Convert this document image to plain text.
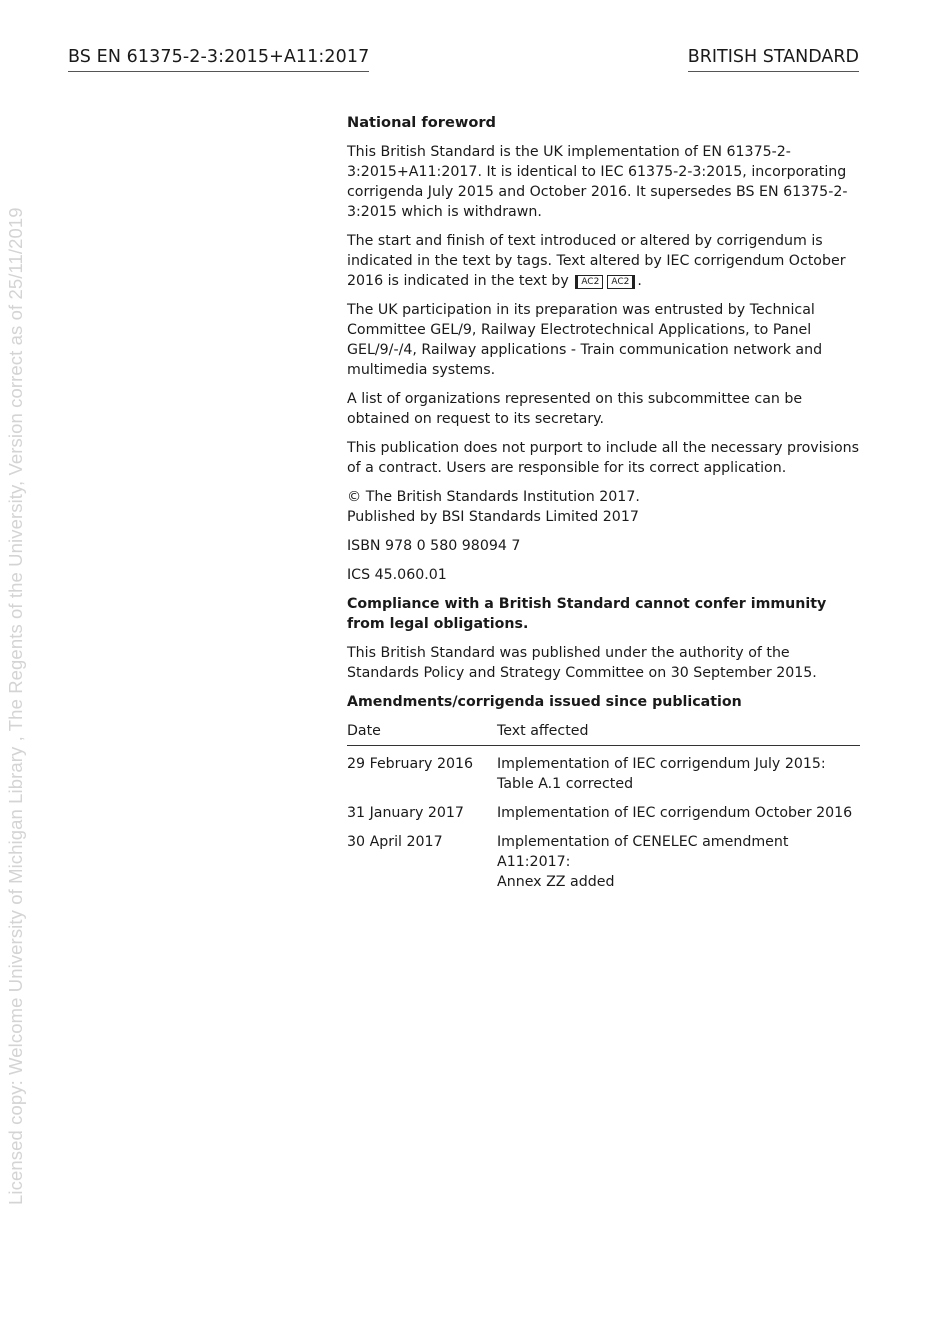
BS EN 61375-2-3:2015+A11:2017	BRITISH STANDARD
Licensed copy: Welcome University of Michigan Library , The Regents of the University, Version correct as of 25/11/2019
National foreword

This British Standard is the UK implementation of EN 61375-2-3:2015+A11:2017. It is identical to IEC 61375-2-3:2015, incorporating corrigenda July 2015 and October 2016. It supersedes BS EN 61375-2-3:2015 which is withdrawn.

The start and finish of text introduced or altered by corrigendum is indicated in the text by tags. Text altered by IEC corrigendum October 2016 is indicated in the text by AC2 AC2 .

The UK participation in its preparation was entrusted by Technical Committee GEL/9, Railway Electrotechnical Applications, to Panel GEL/9/-/4, Railway applications - Train communication network and multimedia systems.

A list of organizations represented on this subcommittee can be obtained on request to its secretary.

This publication does not purport to include all the necessary provisions of a contract. Users are responsible for its correct application.

© The British Standards Institution 2017.
Published by BSI Standards Limited 2017

ISBN 978 0 580 98094 7

ICS 45.060.01

Compliance with a British Standard cannot confer immunity from legal obligations.

This British Standard was published under the authority of the Standards Policy and Strategy Committee on 30 September 2015.

Amendments/corrigenda issued since publication

Date	Text affected
29 February 2016	Implementation of IEC corrigendum July 2015:
Table A.1 corrected
31 January 2017	Implementation of IEC corrigendum October 2016
30 April 2017	Implementation of CENELEC amendment A11:2017:
Annex ZZ added
